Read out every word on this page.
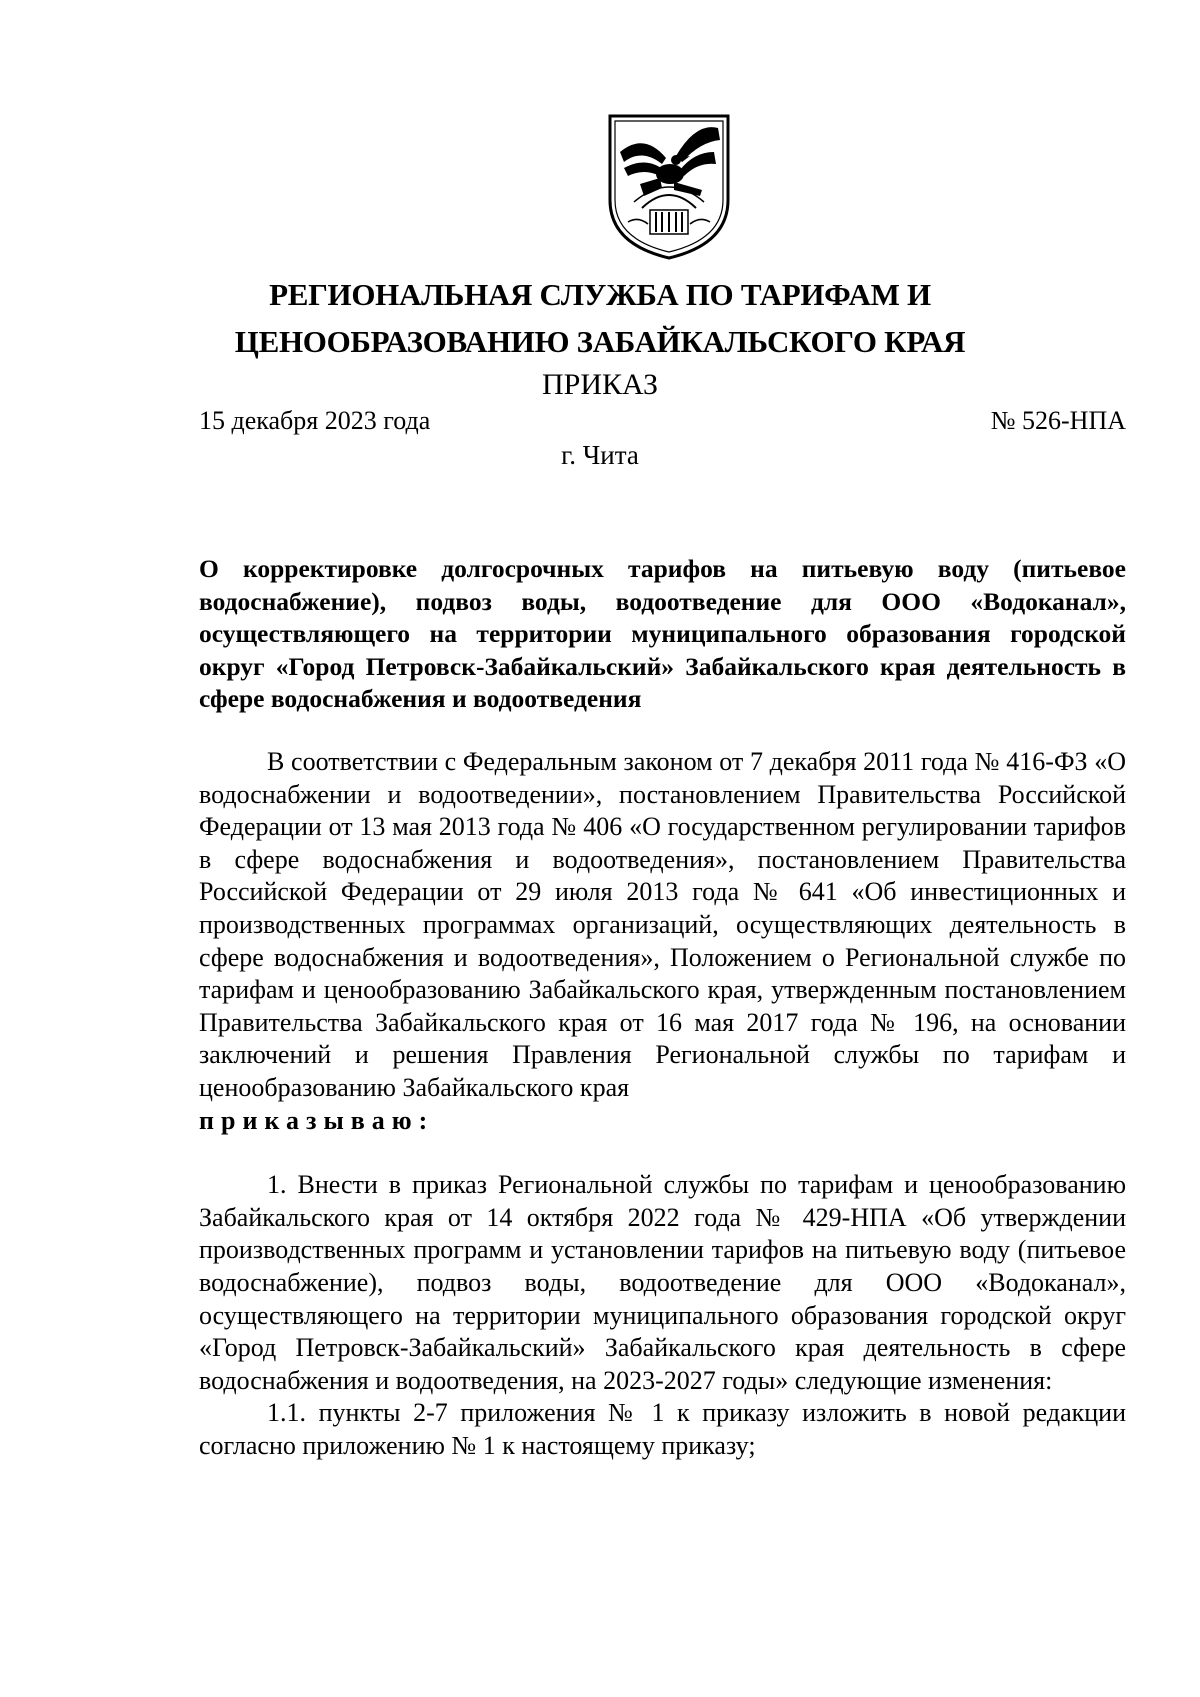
РЕГИОНАЛЬНАЯ СЛУЖБА ПО ТАРИФАМ И
ЦЕНООБРАЗОВАНИЮ ЗАБАЙКАЛЬСКОГО КРАЯ
ПРИКАЗ
15 декабря 2023 года	№ 526-НПА
г. Чита

О корректировке долгосрочных тарифов на питьевую воду (питьевое водоснабжение), подвоз воды, водоотведение для ООО «Водоканал», осуществляющего на территории муниципального образования городской округ «Город Петровск-Забайкальский» Забайкальского края деятельность в сфере водоснабжения и водоотведения

В соответствии с Федеральным законом от 7 декабря 2011 года № 416-ФЗ «О водоснабжении и водоотведении», постановлением Правительства Российской Федерации от 13 мая 2013 года № 406 «О государственном регулировании тарифов в сфере водоснабжения и водоотведения», постановлением Правительства Российской Федерации от 29 июля 2013 года № 641 «Об инвестиционных и производственных программах организаций, осуществляющих деятельность в сфере водоснабжения и водоотведения», Положением о Региональной службе по тарифам и ценообразованию Забайкальского края, утвержденным постановлением Правительства Забайкальского края от 16 мая 2017 года № 196, на основании заключений и решения Правления Региональной службы по тарифам и ценообразованию Забайкальского края

приказываю:

1. Внести в приказ Региональной службы по тарифам и ценообразованию Забайкальского края от 14 октября 2022 года № 429-НПА «Об утверждении производственных программ и установлении тарифов на питьевую воду (питьевое водоснабжение), подвоз воды, водоотведение для ООО «Водоканал», осуществляющего на территории муниципального образования городской округ «Город Петровск-Забайкальский» Забайкальского края деятельность в сфере водоснабжения и водоотведения, на 2023-2027 годы» следующие изменения:

1.1. пункты 2-7 приложения № 1 к приказу изложить в новой редакции согласно приложению № 1 к настоящему приказу;
